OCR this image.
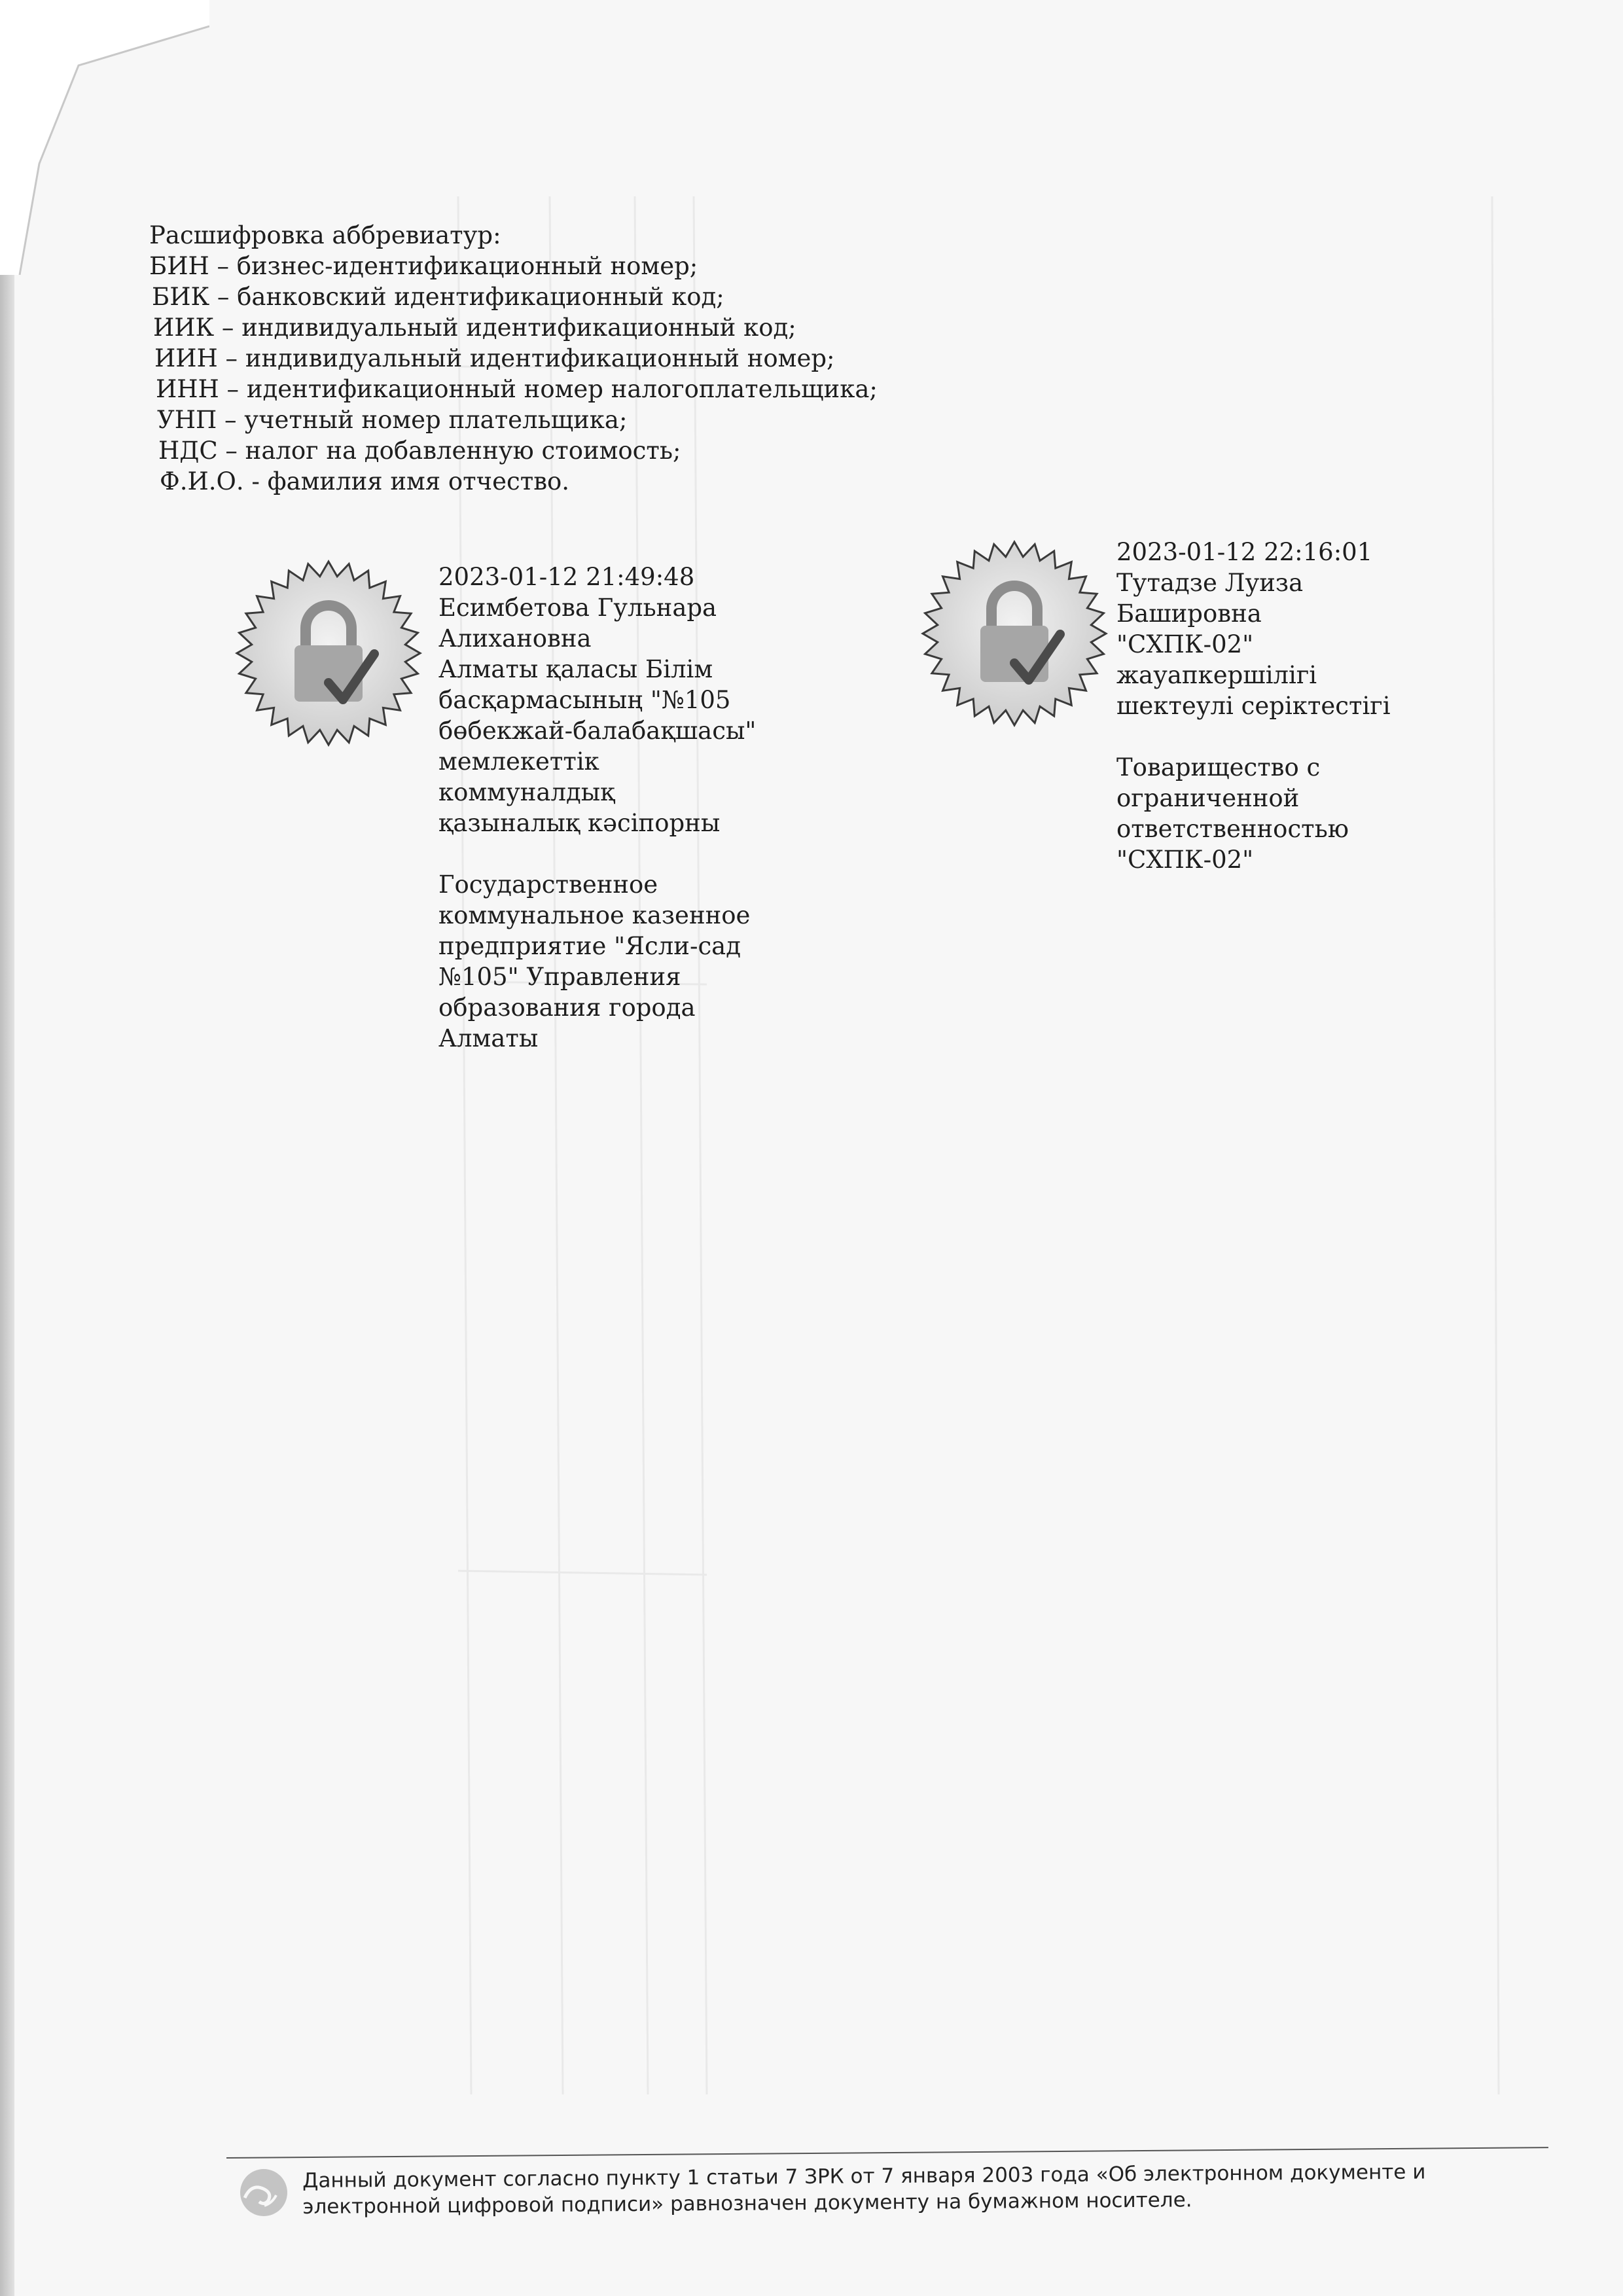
Расшифровка аббревиатур:
БИН – бизнес-идентификационный номер;
БИК – банковский идентификационный код;
ИИК – индивидуальный идентификационный код;
ИИН – индивидуальный идентификационный номер;
ИНН – идентификационный номер налогоплательщика;
УНП – учетный номер плательщика;
НДС – налог на добавленную стоимость;
Ф.И.О. - фамилия имя отчество.
2023-01-12 21:49:48
Есимбетова Гульнара
Алихановна
Алматы қаласы Білім
басқармасының "№105
бөбекжай-балабақшасы"
мемлекеттік
коммуналдық
қазыналық кәсіпорны
Государственное
коммунальное казенное
предприятие "Ясли-сад
№105" Управления
образования города
Алматы
2023-01-12 22:16:01
Тутадзе Луиза
Башировна
"СХПК-02"
жауапкершілігі
шектеулі серіктестігі
Товарищество с
ограниченной
ответственностью
"СХПК-02"
Данный документ согласно пункту 1 статьи 7 ЗРК от 7 января 2003 года «Об электронном документе и
электронной цифровой подписи» равнозначен документу на бумажном носителе.
